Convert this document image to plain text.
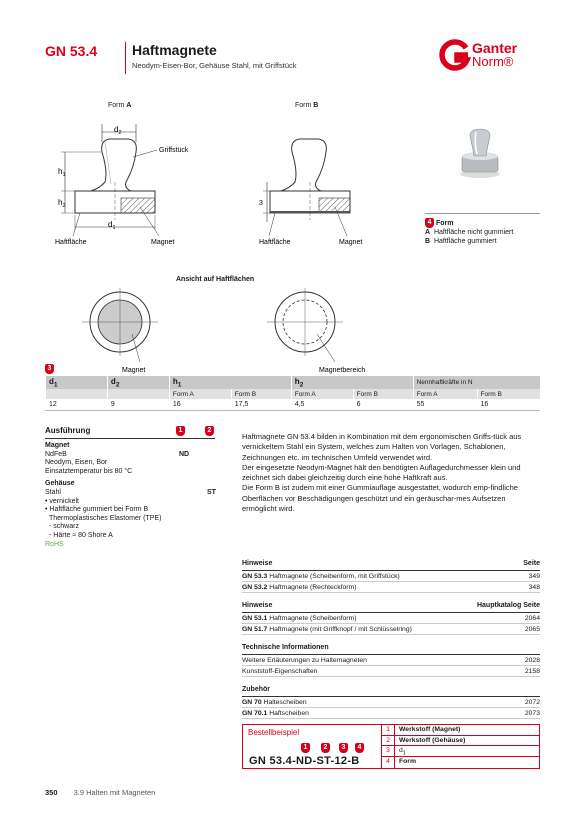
GN 53.4 Haftmagnete
Neodym-Eisen-Bor, Gehäuse Stahl, mit Griffstück
Ganter
Norm®
Form A
$d_2$
$d_1$
$h_1$
$h_2$
Griffstück
Haftfläche	Magnet
Form B
3
Haftfläche	Magnet
4 Form
A Haftfläche nicht gummiert
B Haftfläche gummiert
Ansicht auf Haftflächen
Magnet	Magnetbereich
3
$d_1$	$d_2$	$h_1$		$h_2$		Nennhaftkräfte in N	
		Form A	Form B	Form A	Form B	Form A	Form B
12	9	16	17,5	4,5	6	55	16
Ausführung	1	2
Magnet
NdFeB	ND
Neodym, Eisen, Bor
Einsatztemperatur bis 80 °C
Gehäuse
Stahl	ST
• vernickelt
• Haftfläche gummiert bei Form B
Thermoplastisches Elastomer (TPE)
- schwarz
- Härte ≈ 80 Shore A
RoHS
Haftmagnete GN 53.4 bilden in Kombination mit dem ergonomischen Griffs-tück aus vernickeltem Stahl ein System, welches zum Halten von Vorlagen, Schablonen, Zeichnungen etc. im technischen Umfeld verwendet wird.
Der eingesetzte Neodym-Magnet hält den benötigten Auflagedurchmesser klein und zeichnet sich dabei gleichzeitig durch eine hohe Haftkraft aus.
Die Form B ist zudem mit einer Gummiauflage ausgestattet, wodurch emp-findliche Oberflächen vor Beschädigungen geschützt und ein geräuschar-mes Aufsetzen ermöglicht wird.
Hinweise	Seite
GN 53.3 Haftmagnete (Scheibenform, mit Griffstück)	349
GN 53.2 Haftmagnete (Rechteckform)	348
Hinweise	Hauptkatalog Seite
GN 53.1 Haftmagnete (Scheibenform)	2064
GN 51.7 Haftmagnete (mit Griffknopf / mit Schlüsselring)	2065
Technische Informationen
Weitere Erläuterungen zu Haltemagneten	2028
Kunststoff-Eigenschaften	2158
Zubehör
GN 70 Haltescheiben	2072
GN 70.1 Haftscheiben	2073
Bestellbeispiel
1	2	3	4
GN 53.4-ND-ST-12-B
1 Werkstoff (Magnet)
2 Werkstoff (Gehäuse)
3 $d_1$
4 Form
350 3.9 Halten mit Magneten
